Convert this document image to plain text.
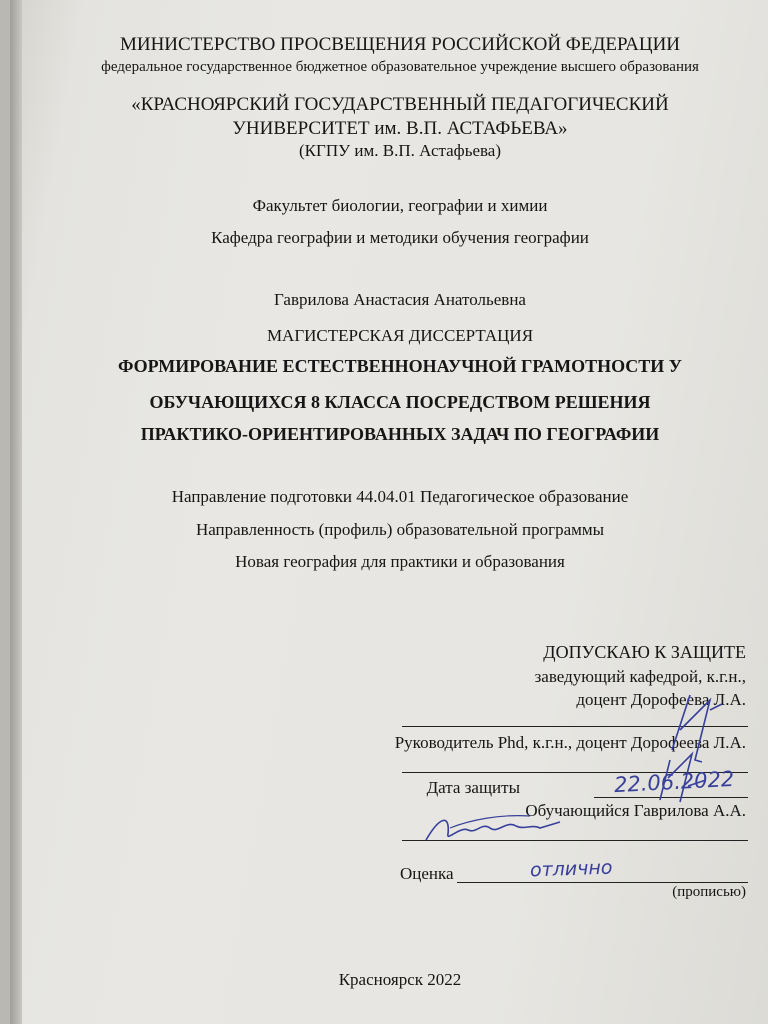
МИНИСТЕРСТВО ПРОСВЕЩЕНИЯ РОССИЙСКОЙ ФЕДЕРАЦИИ
федеральное государственное бюджетное образовательное учреждение высшего образования
«КРАСНОЯРСКИЙ ГОСУДАРСТВЕННЫЙ ПЕДАГОГИЧЕСКИЙ
УНИВЕРСИТЕТ им. В.П. АСТАФЬЕВА»
(КГПУ им. В.П. Астафьева)
Факультет биологии, географии и химии
Кафедра географии и методики обучения географии
Гаврилова Анастасия Анатольевна
МАГИСТЕРСКАЯ ДИССЕРТАЦИЯ
ФОРМИРОВАНИЕ ЕСТЕСТВЕННОНАУЧНОЙ ГРАМОТНОСТИ У
ОБУЧАЮЩИХСЯ 8 КЛАССА ПОСРЕДСТВОМ РЕШЕНИЯ
ПРАКТИКО-ОРИЕНТИРОВАННЫХ ЗАДАЧ ПО ГЕОГРАФИИ
Направление подготовки 44.04.01 Педагогическое образование
Направленность (профиль) образовательной программы
Новая география для практики и образования
ДОПУСКАЮ К ЗАЩИТЕ
заведующий кафедрой, к.г.н.,
доцент Дорофеева Л.А.
Руководитель Phd, к.г.н., доцент Дорофеева Л.А.
Дата защиты	22.06.2022
Обучающийся Гаврилова А.А.
Оценка	отлично
(прописью)
Красноярск 2022
